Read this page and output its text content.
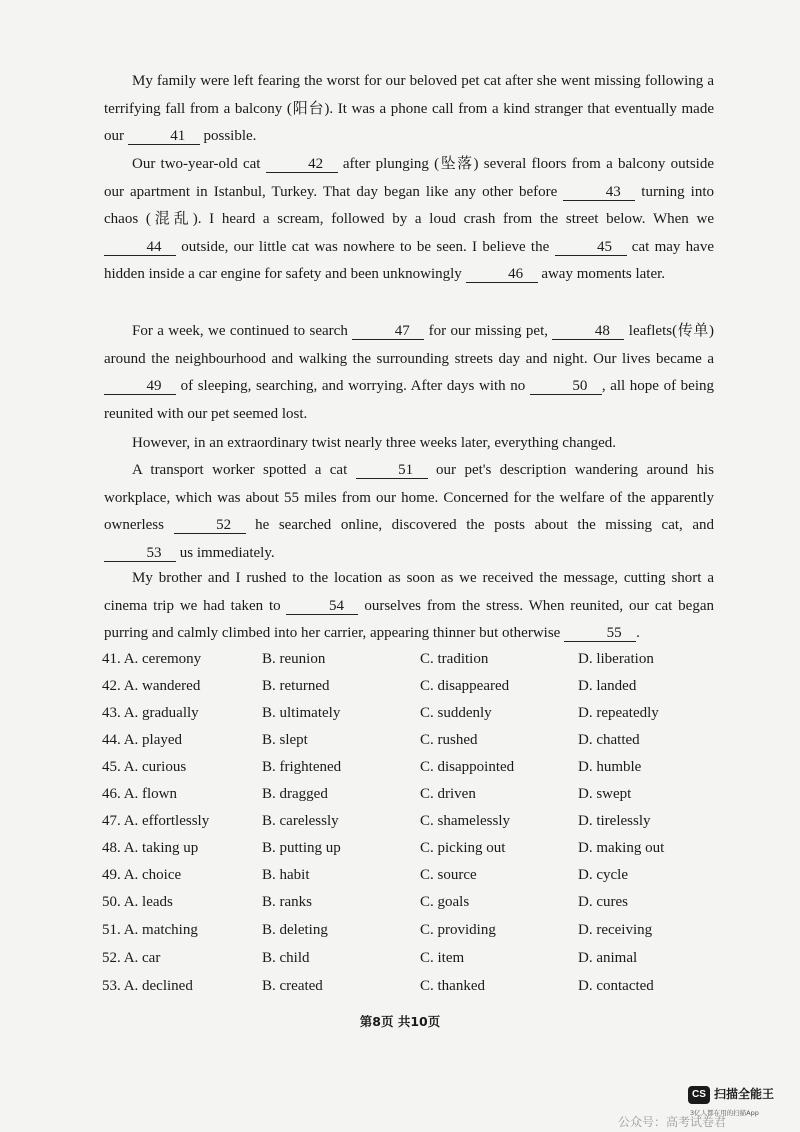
My family were left fearing the worst for our beloved pet cat after she went missing following a terrifying fall from a balcony (阳台). It was a phone call from a kind stranger that eventually made our	41 possible.

Our two-year-old cat	42 after plunging (坠落) several floors from a balcony outside our apartment in Istanbul, Turkey. That day began like any other before	43 turning into chaos (混乱). I heard a scream, followed by a loud crash from the street below. When we 44 outside, our little cat was nowhere to be seen. I believe the	45 cat may have hidden inside a car engine for safety and been unknowingly	46 away moments later.

For a week, we continued to search	47 for our missing pet,	48 leaflets(传单) around the neighbourhood and walking the surrounding streets day and night. Our lives became a 49 of sleeping, searching, and worrying. After days with no	50 , all hope of being reunited with our pet seemed lost.

However, in an extraordinary twist nearly three weeks later, everything changed.

A transport worker spotted a cat	51 our pet's description wandering around his workplace, which was about 55 miles from our home. Concerned for the welfare of the apparently ownerless	52 he searched online, discovered the posts about the missing cat, and 53 us immediately.

My brother and I rushed to the location as soon as we received the message, cutting short a cinema trip we had taken to	54 ourselves from the stress. When reunited, our cat began purring and calmly climbed into her carrier, appearing thinner but otherwise	55 .

41. A. ceremony	B. reunion	C. tradition	D. liberation
42. A. wandered	B. returned	C. disappeared	D. landed
43. A. gradually	B. ultimately	C. suddenly	D. repeatedly
44. A. played	B. slept	C. rushed	D. chatted
45. A. curious	B. frightened	C. disappointed	D. humble
46. A. flown	B. dragged	C. driven	D. swept
47. A. effortlessly	B. carelessly	C. shamelessly	D. tirelessly
48. A. taking up	B. putting up	C. picking out	D. making out
49. A. choice	B. habit	C. source	D. cycle
50. A. leads	B. ranks	C. goals	D. cures
51. A. matching	B. deleting	C. providing	D. receiving
52. A. car	B. child	C. item	D. animal
53. A. declined	B. created	C. thanked	D. contacted
第8页 共10页
CS 扫描全能王
3亿人都在用的扫描App
公众号：高考试卷君
